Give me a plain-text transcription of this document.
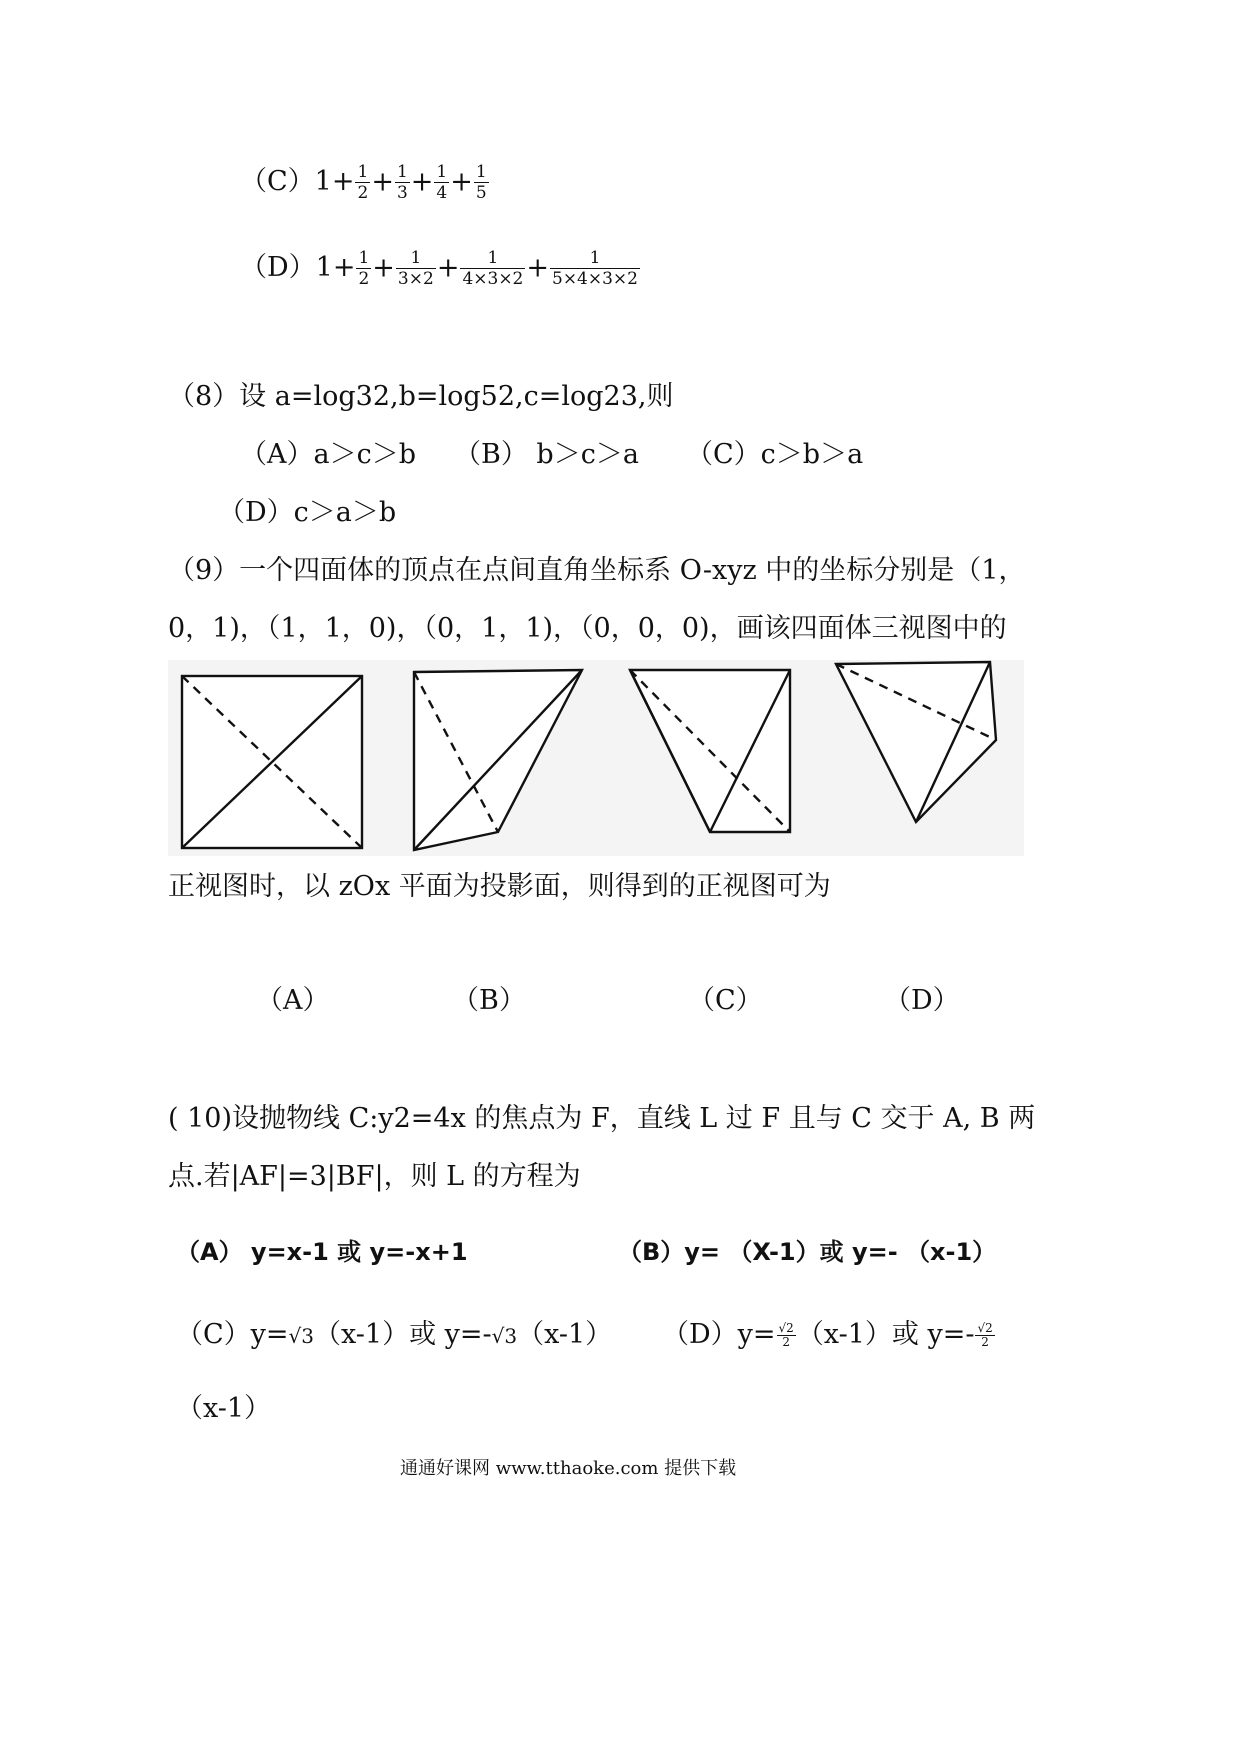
$(C)1+ \frac{1}{2} + \frac{1}{3} + \frac{1}{4} + \frac{1}{5}$
$(D)1+ \frac{1}{2} + \frac{1}{3\times 2} + \frac{1}{4\times 3\times 2} + \frac{1}{5\times 4\times 3\times 2}$
（8）设 a=log32,b=log52,c=log23,则
（A）a＞c＞b （B） b＞c＞a （C）c＞b＞a
（D）c＞a＞b
（9）一个四面体的顶点在点间直角坐标系 O-xyz 中的坐标分别是（1，
0，1)，（1，1，0)，（0，1，1)，（0，0，0)，画该四面体三视图中的
正视图时，以 zOx 平面为投影面，则得到的正视图可为
（A）	（B）	（C）	（D）
( 10)设抛物线 C:y2=4x 的焦点为 F，直线 L 过 F 且与 C 交于 A, B 两
点.若|AF|=3|BF|，则 L 的方程为
（A） y=x-1 或 y=-x+1	（B）y= （X-1）或 y=- （x-1）
（C）y=√3（x-1）或 y=-√3（x-1） $(D)y= \frac{√2}{2} (x-1)$或 $y=- \frac{√2}{2}$
（x-1）
通通好课网 www.tthaoke.com 提供下载
